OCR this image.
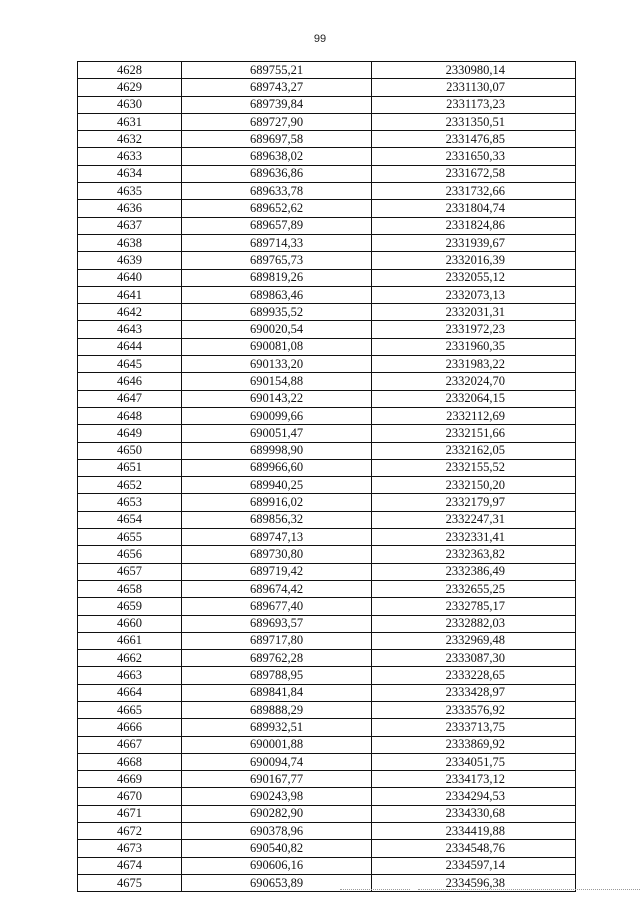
99
4628	689755,21	2330980,14
4629	689743,27	2331130,07
4630	689739,84	2331173,23
4631	689727,90	2331350,51
4632	689697,58	2331476,85
4633	689638,02	2331650,33
4634	689636,86	2331672,58
4635	689633,78	2331732,66
4636	689652,62	2331804,74
4637	689657,89	2331824,86
4638	689714,33	2331939,67
4639	689765,73	2332016,39
4640	689819,26	2332055,12
4641	689863,46	2332073,13
4642	689935,52	2332031,31
4643	690020,54	2331972,23
4644	690081,08	2331960,35
4645	690133,20	2331983,22
4646	690154,88	2332024,70
4647	690143,22	2332064,15
4648	690099,66	2332112,69
4649	690051,47	2332151,66
4650	689998,90	2332162,05
4651	689966,60	2332155,52
4652	689940,25	2332150,20
4653	689916,02	2332179,97
4654	689856,32	2332247,31
4655	689747,13	2332331,41
4656	689730,80	2332363,82
4657	689719,42	2332386,49
4658	689674,42	2332655,25
4659	689677,40	2332785,17
4660	689693,57	2332882,03
4661	689717,80	2332969,48
4662	689762,28	2333087,30
4663	689788,95	2333228,65
4664	689841,84	2333428,97
4665	689888,29	2333576,92
4666	689932,51	2333713,75
4667	690001,88	2333869,92
4668	690094,74	2334051,75
4669	690167,77	2334173,12
4670	690243,98	2334294,53
4671	690282,90	2334330,68
4672	690378,96	2334419,88
4673	690540,82	2334548,76
4674	690606,16	2334597,14
4675	690653,89	2334596,38
